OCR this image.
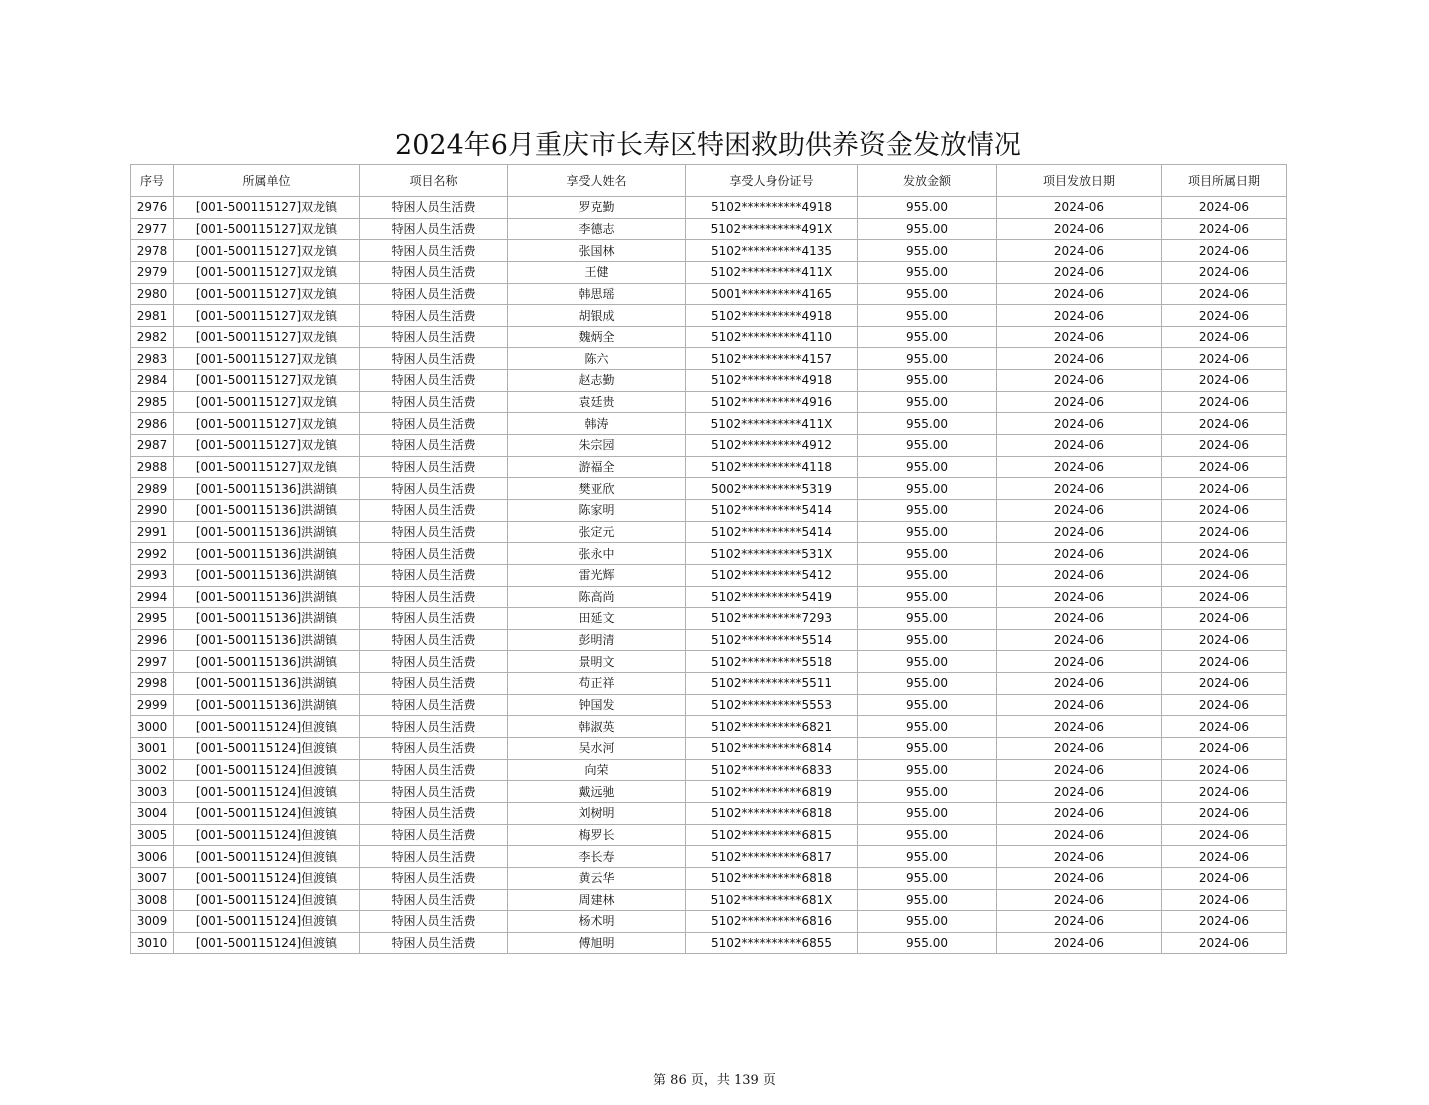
2024年6月重庆市长寿区特困救助供养资金发放情况
序号	所属单位	项目名称	享受人姓名	享受人身份证号	发放金额	项目发放日期	项目所属日期
2976	[001-500115127]双龙镇	特困人员生活费	罗克勤	5102**********4918	955.00	2024-06	2024-06
2977	[001-500115127]双龙镇	特困人员生活费	李德志	5102**********491X	955.00	2024-06	2024-06
2978	[001-500115127]双龙镇	特困人员生活费	张国林	5102**********4135	955.00	2024-06	2024-06
2979	[001-500115127]双龙镇	特困人员生活费	王健	5102**********411X	955.00	2024-06	2024-06
2980	[001-500115127]双龙镇	特困人员生活费	韩思瑶	5001**********4165	955.00	2024-06	2024-06
2981	[001-500115127]双龙镇	特困人员生活费	胡银成	5102**********4918	955.00	2024-06	2024-06
2982	[001-500115127]双龙镇	特困人员生活费	魏炳全	5102**********4110	955.00	2024-06	2024-06
2983	[001-500115127]双龙镇	特困人员生活费	陈六	5102**********4157	955.00	2024-06	2024-06
2984	[001-500115127]双龙镇	特困人员生活费	赵志勤	5102**********4918	955.00	2024-06	2024-06
2985	[001-500115127]双龙镇	特困人员生活费	袁廷贵	5102**********4916	955.00	2024-06	2024-06
2986	[001-500115127]双龙镇	特困人员生活费	韩涛	5102**********411X	955.00	2024-06	2024-06
2987	[001-500115127]双龙镇	特困人员生活费	朱宗园	5102**********4912	955.00	2024-06	2024-06
2988	[001-500115127]双龙镇	特困人员生活费	游福全	5102**********4118	955.00	2024-06	2024-06
2989	[001-500115136]洪湖镇	特困人员生活费	樊亚欣	5002**********5319	955.00	2024-06	2024-06
2990	[001-500115136]洪湖镇	特困人员生活费	陈家明	5102**********5414	955.00	2024-06	2024-06
2991	[001-500115136]洪湖镇	特困人员生活费	张定元	5102**********5414	955.00	2024-06	2024-06
2992	[001-500115136]洪湖镇	特困人员生活费	张永中	5102**********531X	955.00	2024-06	2024-06
2993	[001-500115136]洪湖镇	特困人员生活费	雷光辉	5102**********5412	955.00	2024-06	2024-06
2994	[001-500115136]洪湖镇	特困人员生活费	陈高尚	5102**********5419	955.00	2024-06	2024-06
2995	[001-500115136]洪湖镇	特困人员生活费	田延文	5102**********7293	955.00	2024-06	2024-06
2996	[001-500115136]洪湖镇	特困人员生活费	彭明清	5102**********5514	955.00	2024-06	2024-06
2997	[001-500115136]洪湖镇	特困人员生活费	景明文	5102**********5518	955.00	2024-06	2024-06
2998	[001-500115136]洪湖镇	特困人员生活费	苟正祥	5102**********5511	955.00	2024-06	2024-06
2999	[001-500115136]洪湖镇	特困人员生活费	钟国发	5102**********5553	955.00	2024-06	2024-06
3000	[001-500115124]但渡镇	特困人员生活费	韩淑英	5102**********6821	955.00	2024-06	2024-06
3001	[001-500115124]但渡镇	特困人员生活费	吴水河	5102**********6814	955.00	2024-06	2024-06
3002	[001-500115124]但渡镇	特困人员生活费	向荣	5102**********6833	955.00	2024-06	2024-06
3003	[001-500115124]但渡镇	特困人员生活费	戴远驰	5102**********6819	955.00	2024-06	2024-06
3004	[001-500115124]但渡镇	特困人员生活费	刘树明	5102**********6818	955.00	2024-06	2024-06
3005	[001-500115124]但渡镇	特困人员生活费	梅罗长	5102**********6815	955.00	2024-06	2024-06
3006	[001-500115124]但渡镇	特困人员生活费	李长寿	5102**********6817	955.00	2024-06	2024-06
3007	[001-500115124]但渡镇	特困人员生活费	黄云华	5102**********6818	955.00	2024-06	2024-06
3008	[001-500115124]但渡镇	特困人员生活费	周建林	5102**********681X	955.00	2024-06	2024-06
3009	[001-500115124]但渡镇	特困人员生活费	杨术明	5102**********6816	955.00	2024-06	2024-06
3010	[001-500115124]但渡镇	特困人员生活费	傅旭明	5102**********6855	955.00	2024-06	2024-06
第 86 页，共 139 页
